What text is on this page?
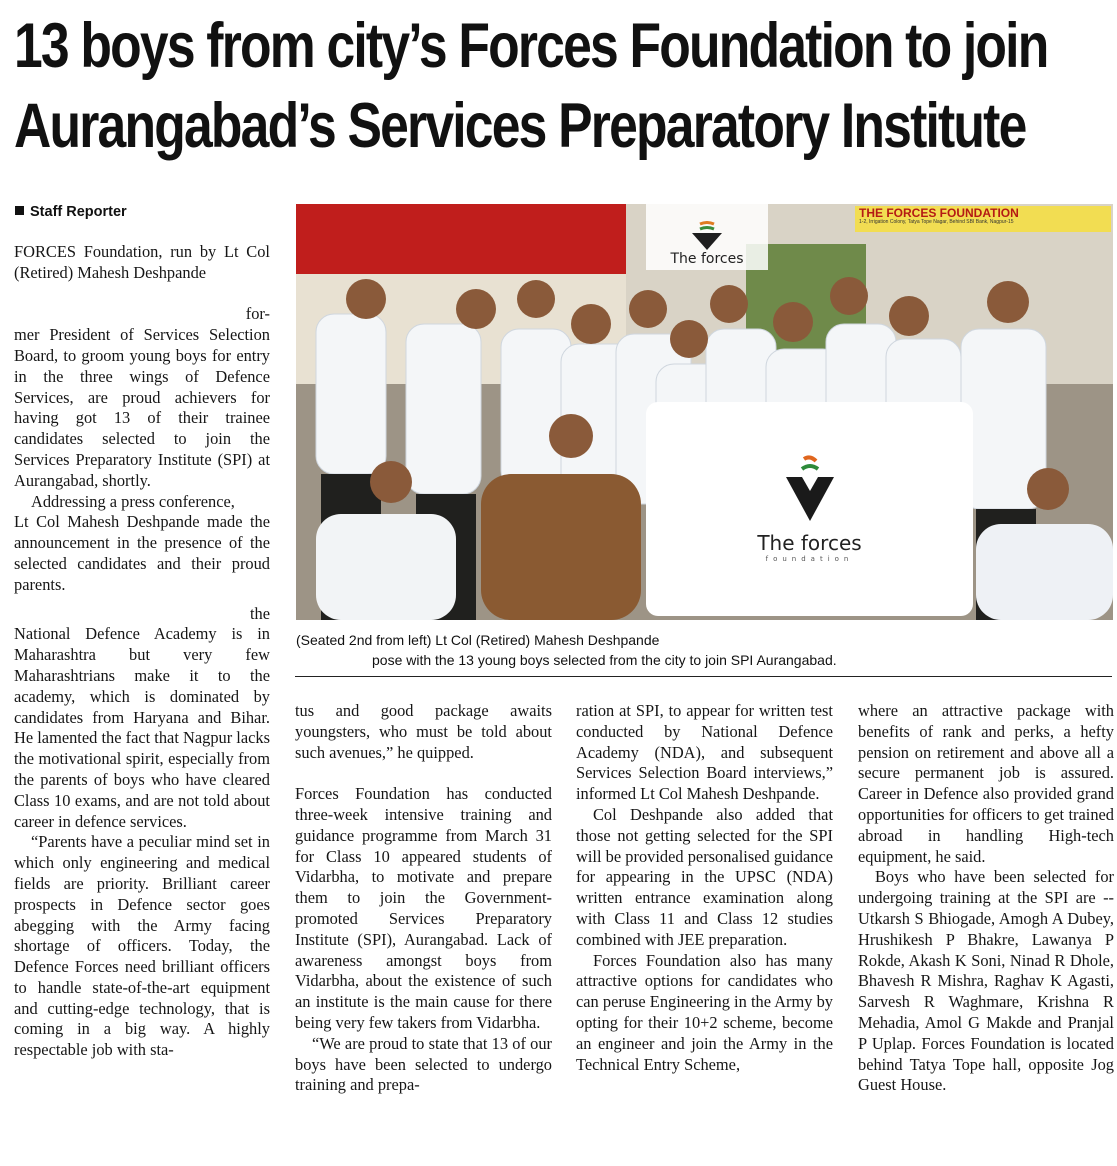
13 boys from city’s Forces Foundation to join
Aurangabad’s Services Preparatory Institute
Staff Reporter

FORCES Foundation, run by Lt Col (Retired) Mahesh Deshpande

for-

mer President of Services Selection Board, to groom young boys for entry in the three wings of Defence Services, are proud achievers for having got 13 of their trainee candidates selected to join the Services Preparatory Institute (SPI) at Aurangabad, shortly.

Addressing a press conference,

Lt Col Mahesh Deshpande made the announcement in the presence of the selected candidates and their proud parents.

the

National Defence Academy is in Maharashtra but very few Maharashtrians make it to the academy, which is dominated by candidates from Haryana and Bihar. He lamented the fact that Nagpur lacks the motivational spirit, especially from the parents of boys who have cleared Class 10 exams, and are not told about career in defence services.

“Parents have a peculiar mind set in which only engineering and medical fields are priority. Brilliant career prospects in Defence sector goes abegging with the Army facing shortage of officers. Today, the Defence Forces need brilliant officers to handle state-of-the-art equipment and cutting-edge technology, that is coming in a big way. A highly respectable job with sta-

The forces
THE FORCES FOUNDATION
1-2, Irrigation Colony, Tatya Tope Nagar, Behind SBI Bank, Nagpur-15
The forces
foundation
(Seated 2nd from left) Lt Col (Retired) Mahesh Deshpande
pose with the 13 young boys selected from the city to join SPI Aurangabad.

tus and good package awaits youngsters, who must be told about such avenues,” he quipped.

Forces Foundation has conducted three-week intensive training and guidance programme from March 31 for Class 10 appeared students of Vidarbha, to motivate and prepare them to join the Government-promoted Services Preparatory Institute (SPI), Aurangabad. Lack of awareness amongst boys from Vidarbha, about the existence of such an institute is the main cause for there being very few takers from Vidarbha.

“We are proud to state that 13 of our boys have been selected to undergo training and prepa-

ration at SPI, to appear for written test conducted by National Defence Academy (NDA), and subsequent Services Selection Board interviews,” informed Lt Col Mahesh Deshpande.

Col Deshpande also added that those not getting selected for the SPI will be provided personalised guidance for appearing in the UPSC (NDA) written entrance examination along with Class 11 and Class 12 studies combined with JEE preparation.

Forces Foundation also has many attractive options for candidates who can peruse Engineering in the Army by opting for their 10+2 scheme, become an engineer and join the Army in the Technical Entry Scheme,

where an attractive package with benefits of rank and perks, a hefty pension on retirement and above all a secure permanent job is assured. Career in Defence also provided grand opportunities for officers to get trained abroad in handling High-tech equipment, he said.

Boys who have been selected for undergoing training at the SPI are -- Utkarsh S Bhiogade, Amogh A Dubey, Hrushikesh P Bhakre, Lawanya P Rokde, Akash K Soni, Ninad R Dhole, Bhavesh R Mishra, Raghav K Agasti, Sarvesh R Waghmare, Krishna R Mehadia, Amol G Makde and Pranjal P Uplap. Forces Foundation is located behind Tatya Tope hall, opposite Jog Guest House.
